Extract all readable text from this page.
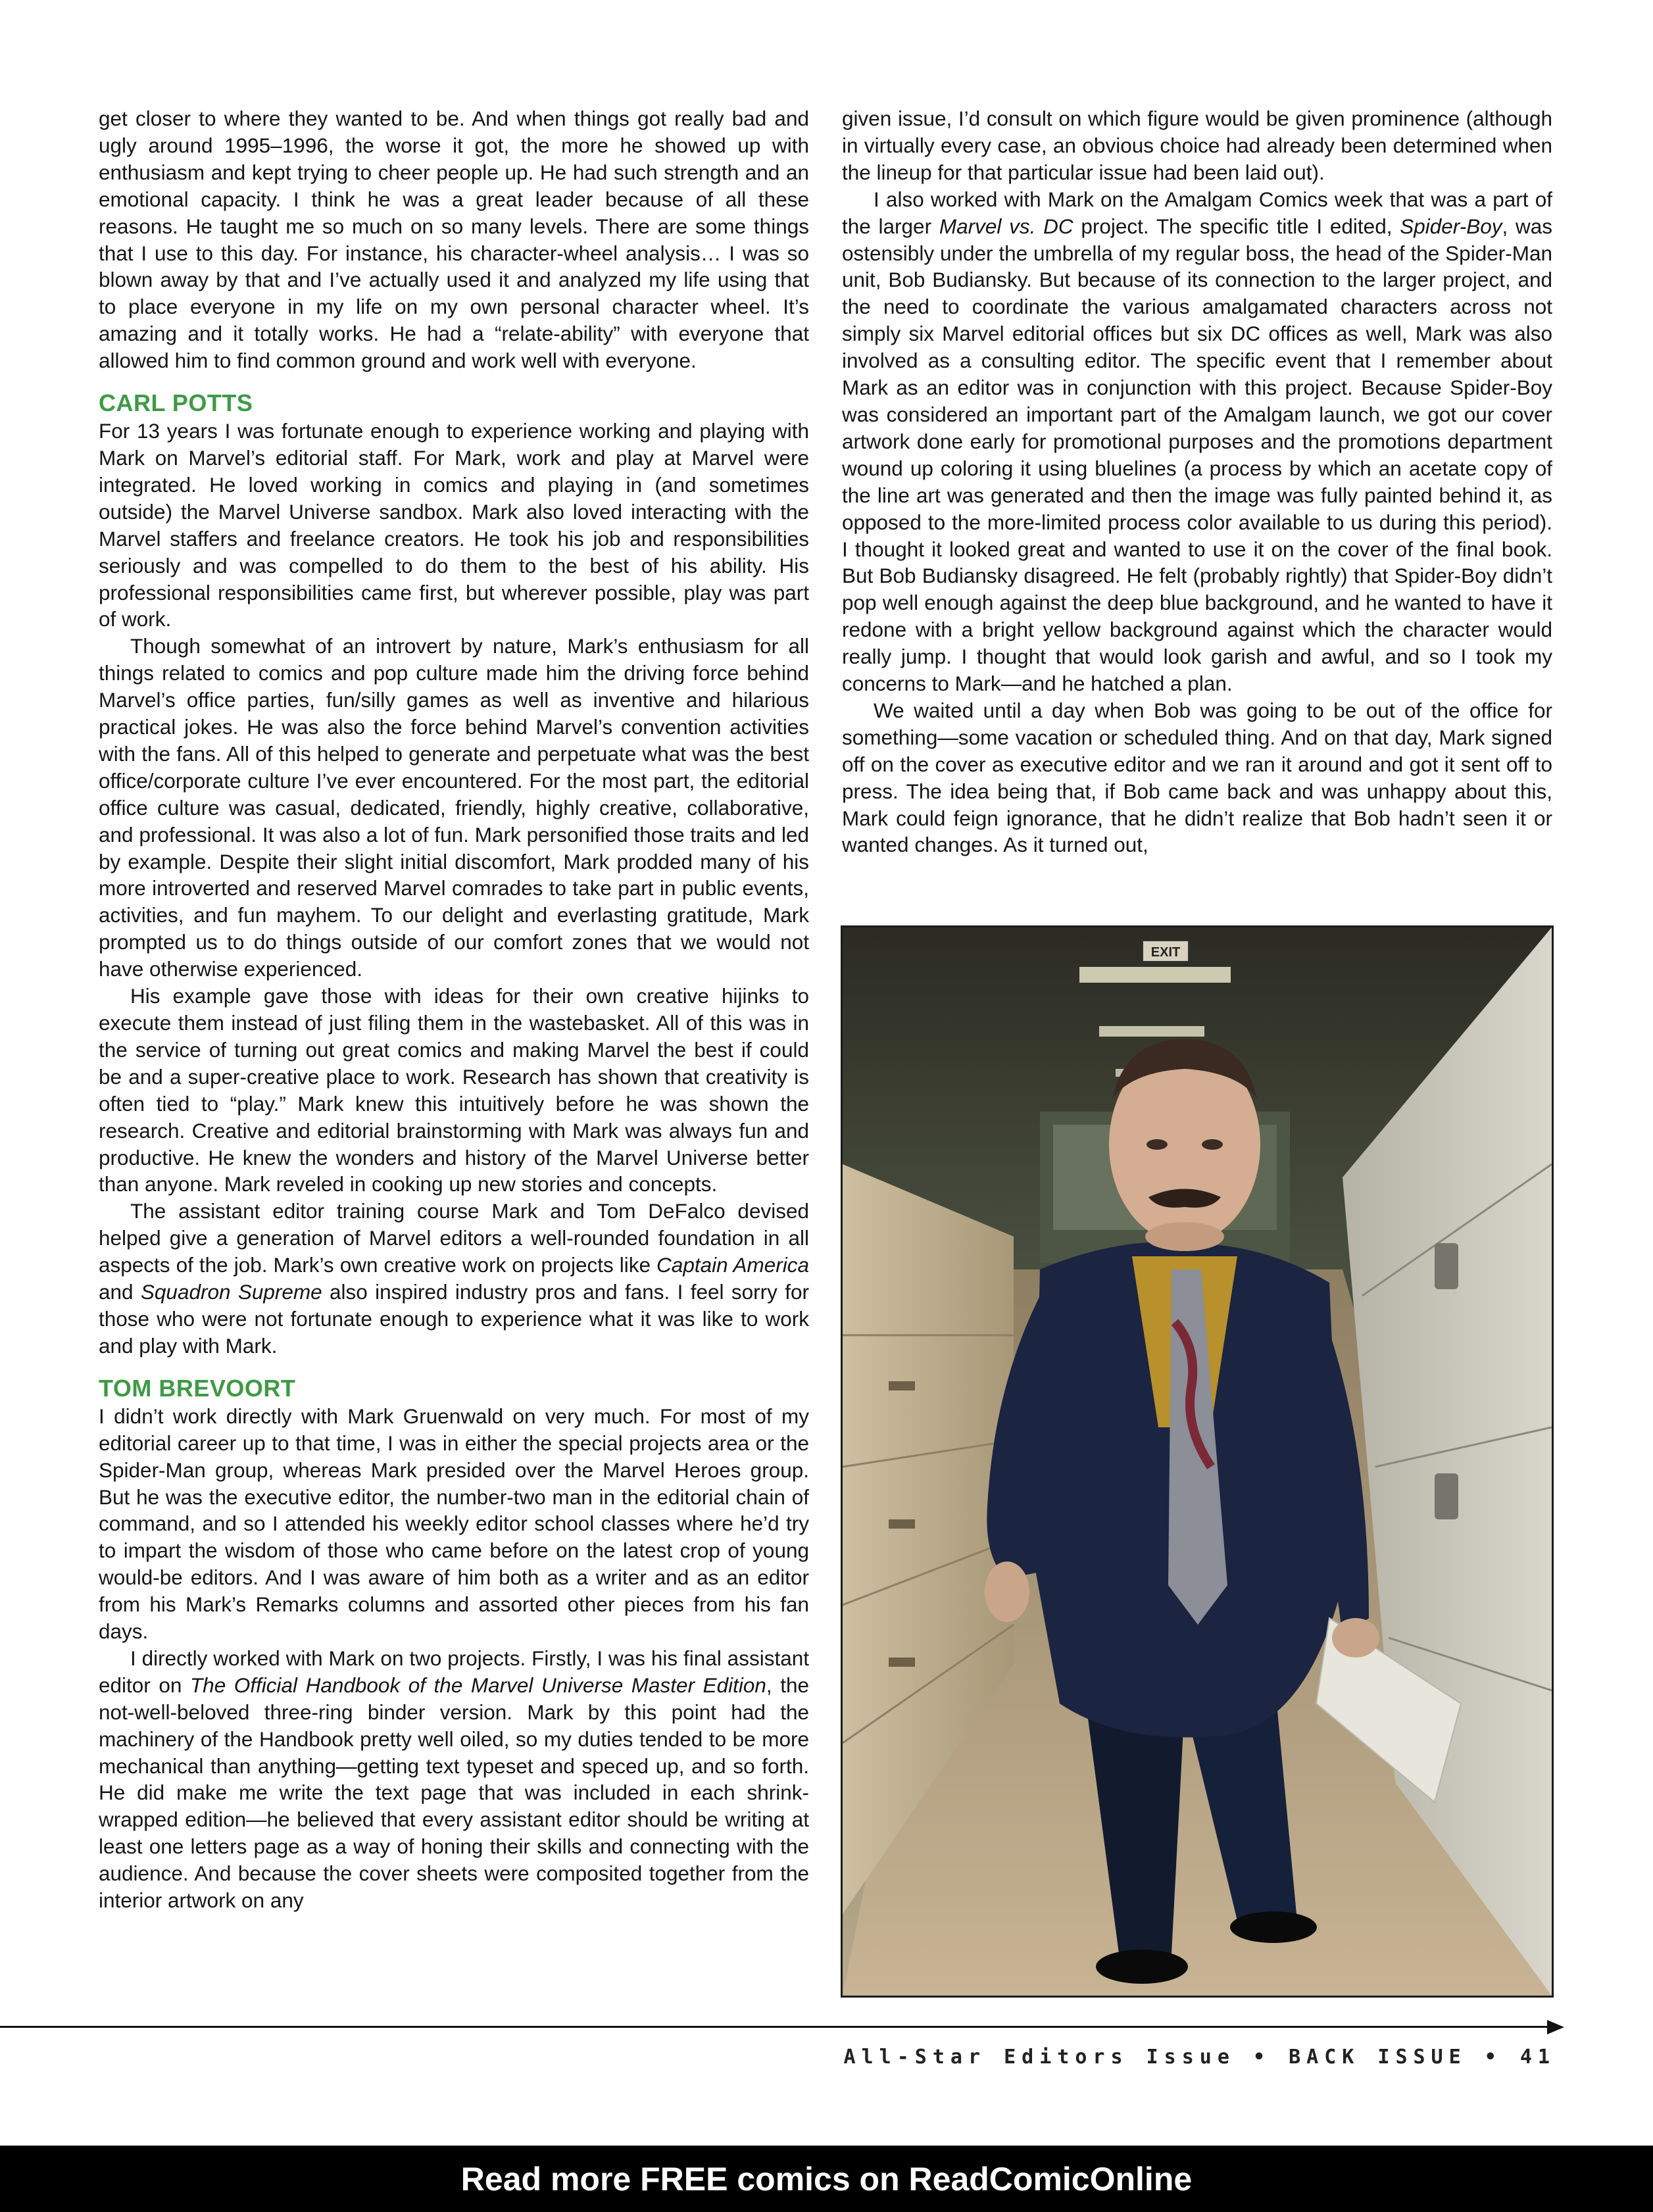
get closer to where they wanted to be. And when things got really bad and ugly around 1995–1996, the worse it got, the more he showed up with enthusiasm and kept trying to cheer people up. He had such strength and an emotional capacity. I think he was a great leader because of all these reasons. He taught me so much on so many levels. There are some things that I use to this day. For instance, his character-wheel analysis… I was so blown away by that and I’ve actually used it and analyzed my life using that to place everyone in my life on my own personal character wheel. It’s amazing and it totally works. He had a “relate-ability” with everyone that allowed him to find common ground and work well with everyone.

CARL POTTS

For 13 years I was fortunate enough to experience working and playing with Mark on Marvel’s editorial staff. For Mark, work and play at Marvel were integrated. He loved working in comics and playing in (and sometimes outside) the Marvel Universe sandbox. Mark also loved interacting with the Marvel staffers and freelance creators. He took his job and responsibilities seriously and was compelled to do them to the best of his ability. His professional responsibilities came first, but wherever possible, play was part of work.

Though somewhat of an introvert by nature, Mark’s enthusiasm for all things related to comics and pop culture made him the driving force behind Marvel’s office parties, fun/silly games as well as inventive and hilarious practical jokes. He was also the force behind Marvel’s convention activities with the fans. All of this helped to generate and perpetuate what was the best office/corporate culture I’ve ever encountered. For the most part, the editorial office culture was casual, dedicated, friendly, highly creative, collaborative, and professional. It was also a lot of fun. Mark personified those traits and led by example. Despite their slight initial discomfort, Mark prodded many of his more introverted and reserved Marvel comrades to take part in public events, activities, and fun mayhem. To our delight and everlasting gratitude, Mark prompted us to do things outside of our comfort zones that we would not have otherwise experienced.

His example gave those with ideas for their own creative hijinks to execute them instead of just filing them in the wastebasket. All of this was in the service of turning out great comics and making Marvel the best if could be and a super-creative place to work. Research has shown that creativity is often tied to “play.” Mark knew this intuitively before he was shown the research. Creative and editorial brainstorming with Mark was always fun and productive. He knew the wonders and history of the Marvel Universe better than anyone. Mark reveled in cooking up new stories and concepts.

The assistant editor training course Mark and Tom DeFalco devised helped give a generation of Marvel editors a well-rounded foundation in all aspects of the job. Mark’s own creative work on projects like Captain America and Squadron Supreme also inspired industry pros and fans. I feel sorry for those who were not fortunate enough to experience what it was like to work and play with Mark.

TOM BREVOORT

I didn’t work directly with Mark Gruenwald on very much. For most of my editorial career up to that time, I was in either the special projects area or the Spider-Man group, whereas Mark presided over the Marvel Heroes group. But he was the executive editor, the number-two man in the editorial chain of command, and so I attended his weekly editor school classes where he’d try to impart the wisdom of those who came before on the latest crop of young would-be editors. And I was aware of him both as a writer and as an editor from his Mark’s Remarks columns and assorted other pieces from his fan days.

I directly worked with Mark on two projects. Firstly, I was his final assistant editor on The Official Handbook of the Marvel Universe Master Edition, the not-well-beloved three-ring binder version. Mark by this point had the machinery of the Handbook pretty well oiled, so my duties tended to be more mechanical than anything—getting text typeset and speced up, and so forth. He did make me write the text page that was included in each shrink-wrapped edition—he believed that every assistant editor should be writing at least one letters page as a way of honing their skills and connecting with the audience. And because the cover sheets were composited together from the interior artwork on any

given issue, I’d consult on which figure would be given prominence (although in virtually every case, an obvious choice had already been determined when the lineup for that particular issue had been laid out).

I also worked with Mark on the Amalgam Comics week that was a part of the larger Marvel vs. DC project. The specific title I edited, Spider-Boy, was ostensibly under the umbrella of my regular boss, the head of the Spider-Man unit, Bob Budiansky. But because of its connection to the larger project, and the need to coordinate the various amalgamated characters across not simply six Marvel editorial offices but six DC offices as well, Mark was also involved as a consulting editor. The specific event that I remember about Mark as an editor was in conjunction with this project. Because Spider-Boy was considered an important part of the Amalgam launch, we got our cover artwork done early for promotional purposes and the promotions department wound up coloring it using bluelines (a process by which an acetate copy of the line art was generated and then the image was fully painted behind it, as opposed to the more-limited process color available to us during this period). I thought it looked great and wanted to use it on the cover of the final book. But Bob Budiansky disagreed. He felt (probably rightly) that Spider-Boy didn’t pop well enough against the deep blue background, and he wanted to have it redone with a bright yellow background against which the character would really jump. I thought that would look garish and awful, and so I took my concerns to Mark—and he hatched a plan.

We waited until a day when Bob was going to be out of the office for something—some vacation or scheduled thing. And on that day, Mark signed off on the cover as executive editor and we ran it around and got it sent off to press. The idea being that, if Bob came back and was unhappy about this, Mark could feign ignorance, that he didn’t realize that Bob hadn’t seen it or wanted changes. As it turned out,

EXIT
All-Star Editors Issue • BACK ISSUE • 41
Read more FREE comics on ReadComicOnline
